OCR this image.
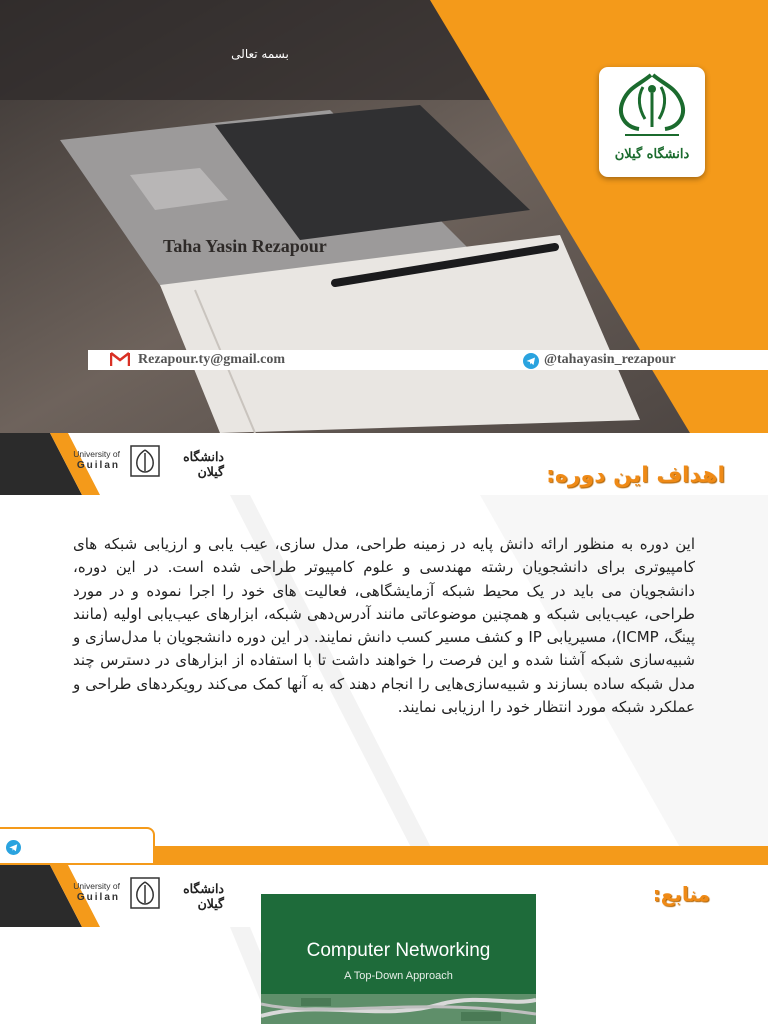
بسمه تعالی
دانشگاه گیلان
Taha Yasin Rezapour
Rezapour.ty@gmail.com	@tahayasin_rezapour
University of
Guilan
دانشگاه گیلان	اهداف این دوره:
این دوره به منظور ارائه دانش پایه در زمینه طراحی، مدل سازی، عیب یابی و ارزیابی شبکه های کامپیوتری برای دانشجویان رشته مهندسی و علوم کامپیوتر طراحی شده است. در این دوره، دانشجویان می باید در یک محیط شبکه آزمایشگاهی، فعالیت های خود را اجرا نموده و در مورد طراحی، عیب‌یابی شبکه و همچنین موضوعاتی مانند آدرس‌دهی شبکه، ابزارهای عیب‌یابی اولیه (مانند پینگ، ICMP)، مسیریابی IP و کشف مسیر کسب دانش نمایند. در این دوره دانشجویان با مدل‌سازی و شبیه‌سازی شبکه آشنا شده و این فرصت را خواهند داشت تا با استفاده از ابزارهای در دسترس چند مدل شبکه ساده بسازند و شبیه‌سازی‌هایی را انجام دهند که به آنها کمک می‌کند رویکردهای طراحی و عملکرد شبکه مورد انتظار خود را ارزیابی نمایند.
University of
Guilan
دانشگاه گیلان	منابع:
Computer Networking
A Top-Down Approach
